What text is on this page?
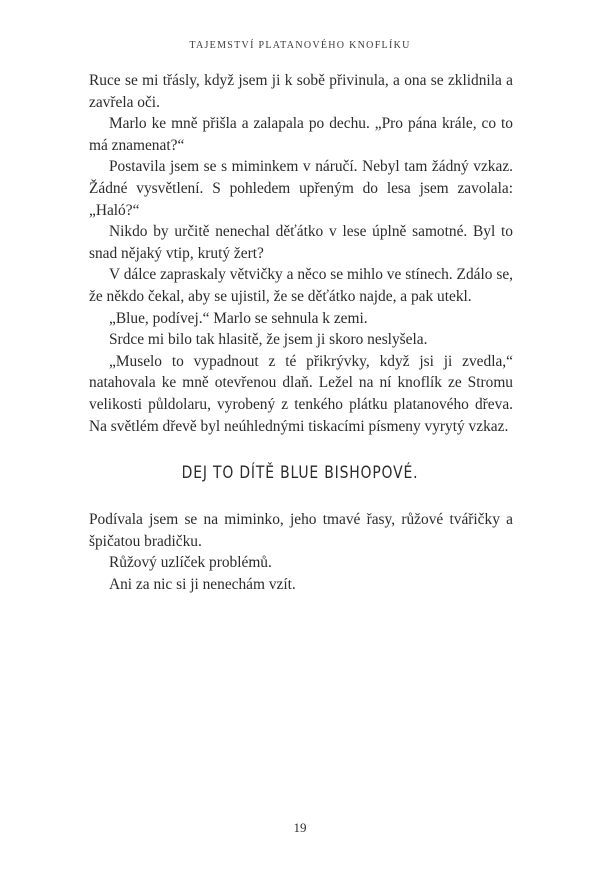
TAJEMSTVÍ PLATANOVÉHO KNOFLÍKU

Ruce se mi třásly, když jsem ji k sobě přivinula, a ona se zklidnila a zavřela oči.

Marlo ke mně přišla a zalapala po dechu. „Pro pána krále, co to má znamenat?“

Postavila jsem se s miminkem v náručí. Nebyl tam žádný vzkaz. Žádné vysvětlení. S pohledem upřeným do lesa jsem zavolala: „Haló?“

Nikdo by určitě nenechal děťátko v lese úplně samotné. Byl to snad nějaký vtip, krutý žert?

V dálce zapraskaly větvičky a něco se mihlo ve stínech. Zdálo se, že někdo čekal, aby se ujistil, že se děťátko najde, a pak utekl.

„Blue, podívej.“ Marlo se sehnula k zemi.

Srdce mi bilo tak hlasitě, že jsem ji skoro neslyšela.

„Muselo to vypadnout z té přikrývky, když jsi ji zvedla,“ natahovala ke mně otevřenou dlaň. Ležel na ní knoflík ze Stromu velikosti půldolaru, vyrobený z tenkého plátku platanového dřeva. Na světlém dřevě byl neúhlednými tiskacími písmeny vyrytý vzkaz.

DEJ TO DÍTĚ BLUE BISHOPOVÉ.

Podívala jsem se na miminko, jeho tmavé řasy, růžové tvářičky a špičatou bradičku.

Růžový uzlíček problémů.

Ani za nic si ji nenechám vzít.

19
